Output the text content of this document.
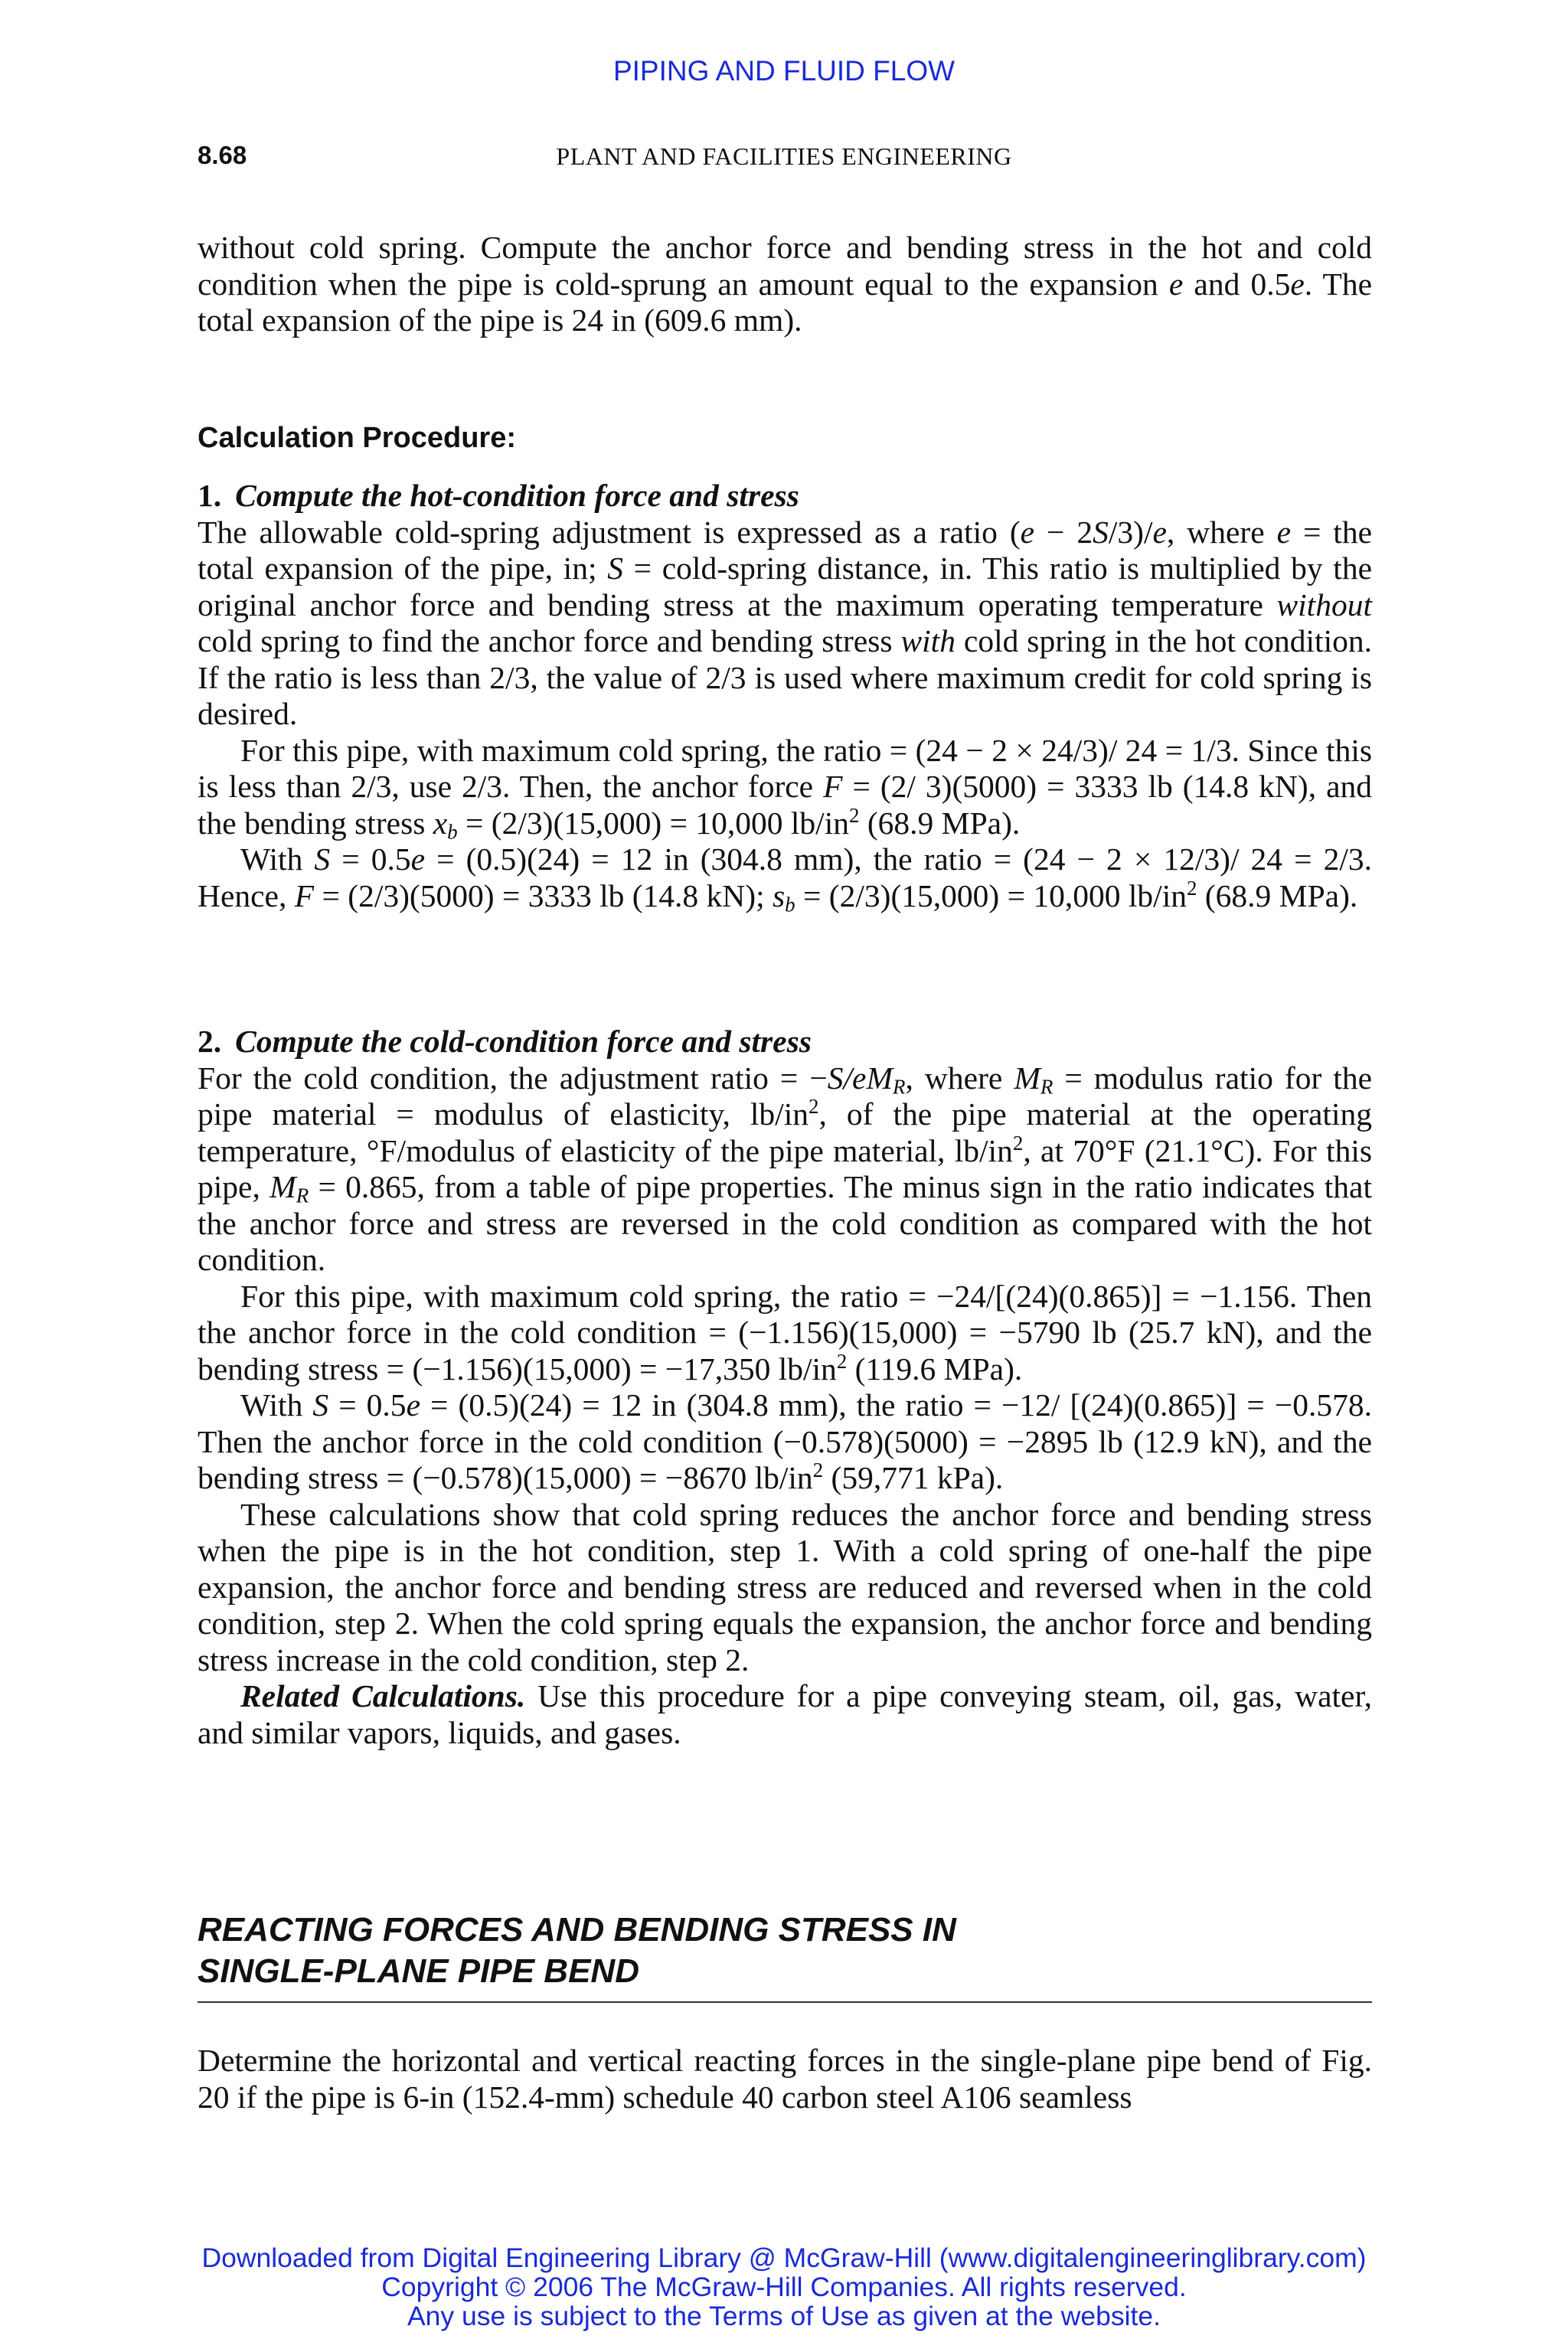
PIPING AND FLUID FLOW
8.68	PLANT AND FACILITIES ENGINEERING

without cold spring. Compute the anchor force and bending stress in the hot and cold condition when the pipe is cold-sprung an amount equal to the expansion e and 0.5e. The total expansion of the pipe is 24 in (609.6 mm).

Calculation Procedure:

1. Compute the hot-condition force and stress

The allowable cold-spring adjustment is expressed as a ratio (e − 2S/3)/e, where e = the total expansion of the pipe, in; S = cold-spring distance, in. This ratio is multiplied by the original anchor force and bending stress at the maximum operating temperature without cold spring to find the anchor force and bending stress with cold spring in the hot condition. If the ratio is less than 2/3, the value of 2/3 is used where maximum credit for cold spring is desired.

For this pipe, with maximum cold spring, the ratio = (24 − 2 × 24/3)/ 24 = 1/3. Since this is less than 2/3, use 2/3. Then, the anchor force F = (2/ 3)(5000) = 3333 lb (14.8 kN), and the bending stress $x_b = (2/3)(15,000) = 10,000$ $lb/in^2$ (68.9 MPa).

With S = 0.5e = (0.5)(24) = 12 in (304.8 mm), the ratio = (24 − 2 × 12/3)/ 24 = 2/3. Hence, F = (2/3)(5000) = 3333 lb (14.8 kN); $s_b = (2/3)(15,000) = 10,000$ $lb/in^2$ (68.9 MPa).

2. Compute the cold-condition force and stress

For the cold condition, the adjustment ratio = $-S/eM_R$, where $M_R$ = modulus ratio for the pipe material = modulus of elasticity, $lb/in^2$, of the pipe material at the operating temperature, °F/modulus of elasticity of the pipe material, $lb/in^2$, at 70°F (21.1°C). For this pipe, $M_R = 0.865$, from a table of pipe properties. The minus sign in the ratio indicates that the anchor force and stress are reversed in the cold condition as compared with the hot condition.

For this pipe, with maximum cold spring, the ratio = −24/[(24)(0.865)] = −1.156. Then the anchor force in the cold condition = (−1.156)(15,000) = −5790 lb (25.7 kN), and the bending stress = (−1.156)(15,000) = −17,350 $lb/in^2$ (119.6 MPa).

With S = 0.5e = (0.5)(24) = 12 in (304.8 mm), the ratio = −12/ [(24)(0.865)] = −0.578. Then the anchor force in the cold condition (−0.578)(5000) = −2895 lb (12.9 kN), and the bending stress = (−0.578)(15,000) = −8670 $lb/in^2$ (59,771 kPa).

These calculations show that cold spring reduces the anchor force and bending stress when the pipe is in the hot condition, step 1. With a cold spring of one-half the pipe expansion, the anchor force and bending stress are reduced and reversed when in the cold condition, step 2. When the cold spring equals the expansion, the anchor force and bending stress increase in the cold condition, step 2.

Related Calculations. Use this procedure for a pipe conveying steam, oil, gas, water, and similar vapors, liquids, and gases.

REACTING FORCES AND BENDING STRESS IN
SINGLE-PLANE PIPE BEND
Determine the horizontal and vertical reacting forces in the single-plane pipe bend of Fig. 20 if the pipe is 6-in (152.4-mm) schedule 40 carbon steel A106 seamless
Downloaded from Digital Engineering Library @ McGraw-Hill (www.digitalengineeringlibrary.com)
Copyright © 2006 The McGraw-Hill Companies. All rights reserved.
Any use is subject to the Terms of Use as given at the website.
